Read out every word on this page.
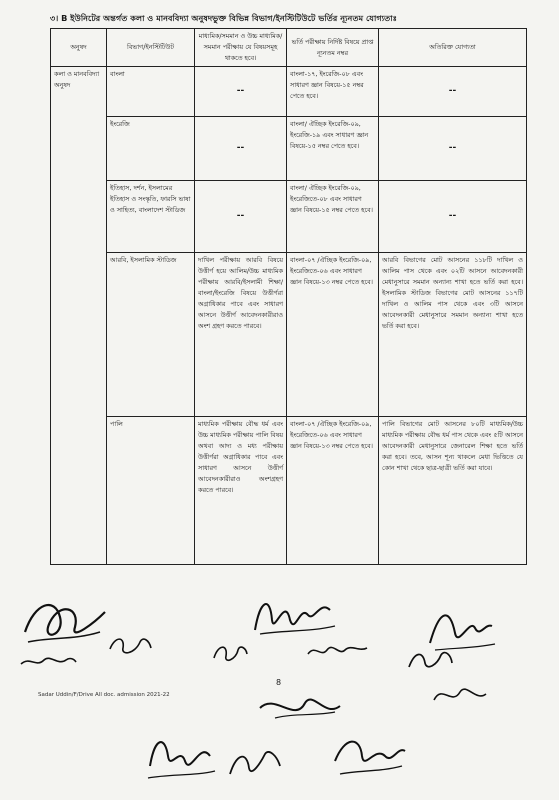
৩। B ইউনিটের অন্তর্গত কলা ও মানববিদ্যা অনুষদভুক্ত বিভিন্ন বিভাগ/ইনস্টিটিউটে ভর্তির ন্যূনতম যোগ্যতাঃ
অনুষদ	বিভাগ/ইনস্টিটিউট	মাধ্যমিক/সমমান ও উচ্চ মাধ্যমিক/সমমান পরীক্ষায় যে বিষয়সমূহ থাকতে হবে।	ভর্তি পরীক্ষায় নির্দিষ্ট বিষয়ে প্রাপ্ত ন্যূনতম নম্বর	অতিরিক্ত যোগ্যতা
কলা ও মানববিদ্যা অনুষদ	বাংলা	--	বাংলা-১৭, ইংরেজি-০৮ এবং সাধারণ জ্ঞান বিষয়ে-১৫ নম্বর পেতে হবে।	--
	ইংরেজি	--	বাংলা/ ঐচ্ছিক ইংরেজি-০৯, ইংরেজি-১৯ এবং সাধারণ জ্ঞান বিষয়ে-১৫ নম্বর পেতে হবে।	--
	ইতিহাস, দর্শন, ইসলামের ইতিহাস ও সংস্কৃতি, ফারসি ভাষা ও সাহিত্য, বাংলাদেশ স্টাডিজ	--	বাংলা/ ঐচ্ছিক ইংরেজি-০৯, ইংরেজিতে-০৮ এবং সাধারণ জ্ঞান বিষয়ে-১৫ নম্বর পেতে হবে।	--
	আরবি, ইসলামিক স্টাডিজ	দাখিল পরীক্ষায় আরবি বিষয়ে উত্তীর্ণ হয়ে আলিম/উচ্চ মাধ্যমিক পরীক্ষায় আরবি/ইসলামী শিক্ষা/বাংলা/ইংরেজি বিষয়ে উত্তীর্ণরা অগ্রাধিকার পাবে এবং সাধারণ আসনে উত্তীর্ণ আবেদনকারীরাও অংশ গ্রহণ করতে পারবে।	বাংলা-০৭ /ঐচ্ছিক ইংরেজি-০৯, ইংরেজিতে-০৬ এবং সাধারণ জ্ঞান বিষয়ে-১৩ নম্বর পেতে হবে।	আরবি বিভাগের মোট আসনের ১১৮টি দাখিল ও আলিম পাস থেকে এবং ০২টি আসনে আবেদনকারী মেধানুসারে সমমান অন্যান্য শাখা হতে ভর্তি করা হবে। ইসলামিক স্টাডিজ বিভাগের মোট আসনের ১১৭টি দাখিল ও আলিম পাস থেকে এবং ৩টি আসনে আবেদনকারী মেধানুসারে সমমান অন্যান্য শাখা হতে ভর্তি করা হবে।
	পালি	মাধ্যমিক পরীক্ষায় বৌদ্ধ ধর্ম এবং উচ্চ মাধ্যমিক পরীক্ষায় পালি বিষয় অথবা আদ্য ও মধ্য পরীক্ষায় উত্তীর্ণরা অগ্রাধিকার পাবে এবং সাধারণ আসনে উত্তীর্ণ আবেদনকারীরাও অংশগ্রহণ করতে পারবে।	বাংলা-০৭ /ঐচ্ছিক ইংরেজি-০৯, ইংরেজিতে-০৬ এবং সাধারণ জ্ঞান বিষয়ে-১৩ নম্বর পেতে হবে।	পালি বিভাগের মোট আসনের ৮০টি মাধ্যমিক/উচ্চ মাধ্যমিক পরীক্ষায় বৌদ্ধ ধর্ম পাস থেকে এবং ৫টি আসনে আবেদনকারী মেধানুসারে জেনারেল শিক্ষা হতে ভর্তি করা হবে। তবে, আসন শূন্য থাকলে মেধা ভিত্তিতে যে কোন শাখা থেকে ছাত্র-ছাত্রী ভর্তি করা যাবে।
8
Sadar Uddin/F/Drive All doc. admission 2021-22
